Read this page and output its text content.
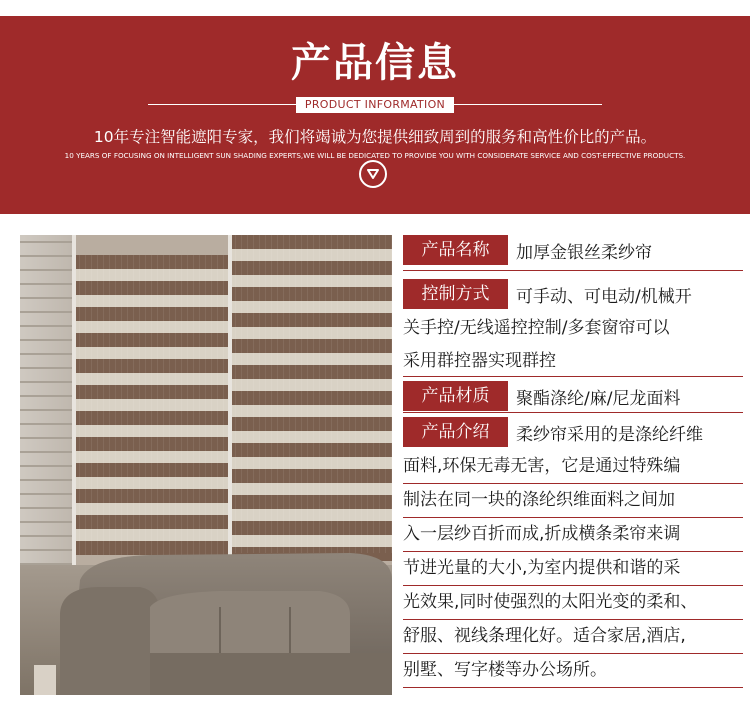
产品信息
PRODUCT INFORMATION
10年专注智能遮阳专家，我们将竭诚为您提供细致周到的服务和高性价比的产品。
10 YEARS OF FOCUSING ON INTELLIGENT SUN SHADING EXPERTS,WE WILL BE DEDICATED TO PROVIDE YOU WITH CONSIDERATE SERVICE AND COST-EFFECTIVE PRODUCTS.
产品名称	加厚金银丝柔纱帘
控制方式	可手动、可电动/机械开
关手控/无线遥控控制/多套窗帘可以
采用群控器实现群控
产品材质	聚酯涤纶/麻/尼龙面料
产品介绍	柔纱帘采用的是涤纶纤维
面料,环保无毒无害，它是通过特殊编
制法在同一块的涤纶织维面料之间加
入一层纱百折而成,折成横条柔帘来调
节进光量的大小,为室内提供和谐的采
光效果,同时使强烈的太阳光变的柔和、
舒服、视线条理化好。适合家居,酒店,
别墅、写字楼等办公场所。
